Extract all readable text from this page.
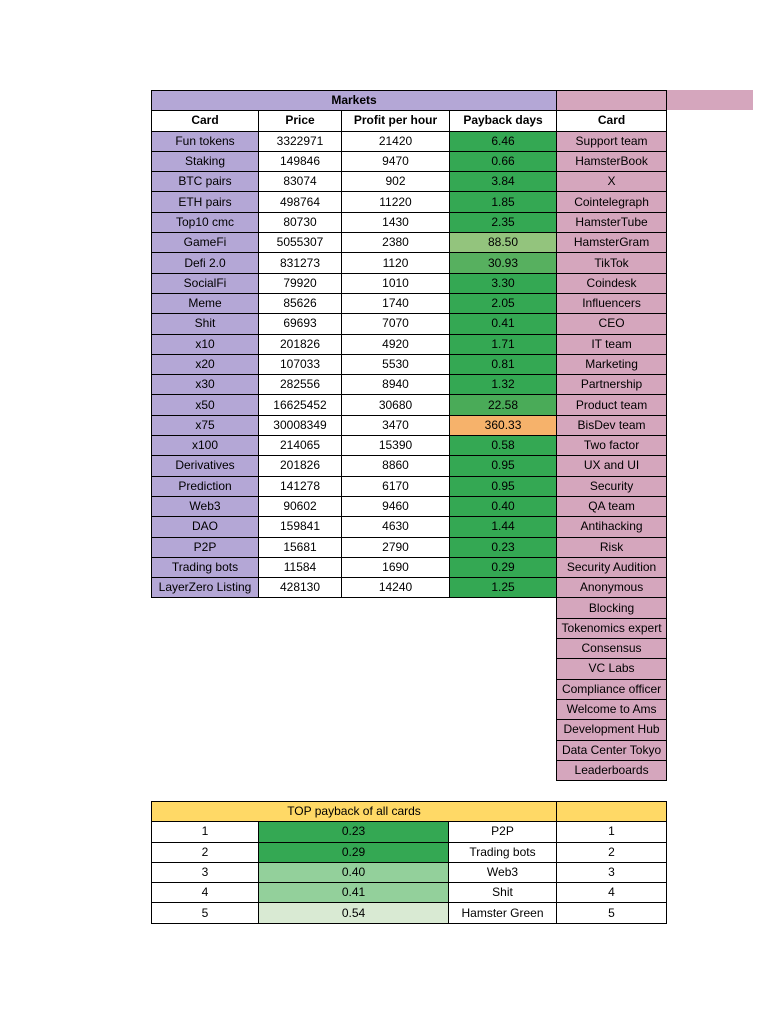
Markets				
Card	Price	Profit per hour	Payback days	Card
Fun tokens	3322971	21420	6.46	Support team
Staking	149846	9470	0.66	HamsterBook
BTC pairs	83074	902	3.84	X
ETH pairs	498764	11220	1.85	Cointelegraph
Top10 cmc	80730	1430	2.35	HamsterTube
GameFi	5055307	2380	88.50	HamsterGram
Defi 2.0	831273	1120	30.93	TikTok
SocialFi	79920	1010	3.30	Coindesk
Meme	85626	1740	2.05	Influencers
Shit	69693	7070	0.41	CEO
x10	201826	4920	1.71	IT team
x20	107033	5530	0.81	Marketing
x30	282556	8940	1.32	Partnership
x50	16625452	30680	22.58	Product team
x75	30008349	3470	360.33	BisDev team
x100	214065	15390	0.58	Two factor
Derivatives	201826	8860	0.95	UX and UI
Prediction	141278	6170	0.95	Security
Web3	90602	9460	0.40	QA team
DAO	159841	4630	1.44	Antihacking
P2P	15681	2790	0.23	Risk
Trading bots	11584	1690	0.29	Security Audition
LayerZero Listing	428130	14240	1.25	Anonymous
				Blocking
				Tokenomics expert
				Consensus
				VC Labs
				Compliance officer
				Welcome to Ams
				Development Hub
				Data Center Tokyo
				Leaderboards
TOP payback of all cards			
1	0.23	P2P	1
2	0.29	Trading bots	2
3	0.40	Web3	3
4	0.41	Shit	4
5	0.54	Hamster Green	5
